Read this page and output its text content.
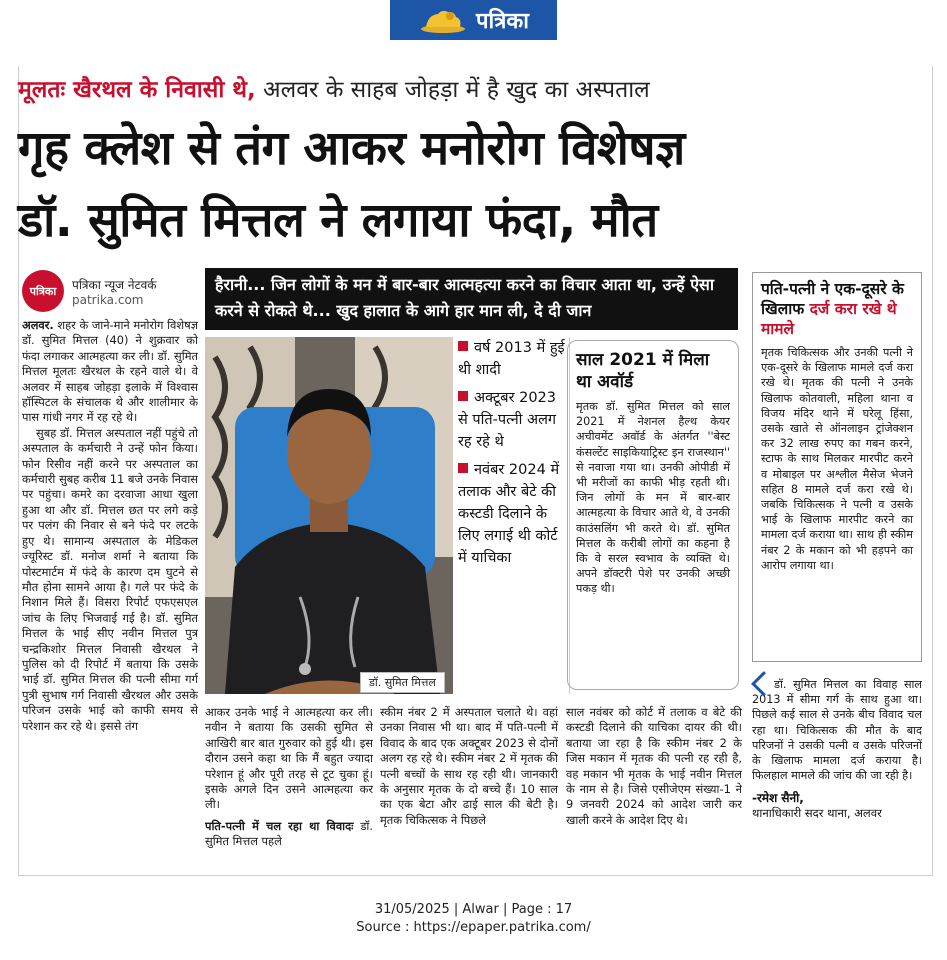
पत्रिका
मूलतः खैरथल के निवासी थे, अलवर के साहब जोहड़ा में है खुद का अस्पताल
गृह क्लेश से तंग आकर मनोरोग विशेषज्ञ
डॉ. सुमित मित्तल ने लगाया फंदा, मौत
पत्रिका	पत्रिका न्यूज नेटवर्क
patrika.com

अलवर. शहर के जाने-माने मनोरोग विशेषज्ञ डॉ. सुमित मित्तल (40) ने शुक्रवार को फंदा लगाकर आत्महत्या कर ली। डॉ. सुमित मित्तल मूलतः खैरथल के रहने वाले थे। वे अलवर में साहब जोहड़ा इलाके में विश्वास हॉस्पिटल के संचालक थे और शालीमार के पास गांधी नगर में रह रहे थे।

सुबह डॉ. मित्तल अस्पताल नहीं पहुंचे तो अस्पताल के कर्मचारी ने उन्हें फोन किया। फोन रिसीव नहीं करने पर अस्पताल का कर्मचारी सुबह करीब 11 बजे उनके निवास पर पहुंचा। कमरे का दरवाजा आधा खुला हुआ था और डॉ. मित्तल छत पर लगे कड़े पर पलंग की निवार से बने फंदे पर लटके हुए थे। सामान्य अस्पताल के मेडिकल ज्यूरिस्ट डॉ. मनोज शर्मा ने बताया कि पोस्टमार्टम में फंदे के कारण दम घुटने से मौत होना सामने आया है। गले पर फंदे के निशान मिले हैं। विसरा रिपोर्ट एफएसएल जांच के लिए भिजवाई गई है। डॉ. सुमित मित्तल के भाई सीए नवीन मित्तल पुत्र चन्द्रकिशोर मित्तल निवासी खैरथल ने पुलिस को दी रिपोर्ट में बताया कि उसके भाई डॉ. सुमित मित्तल की पत्नी सीमा गर्ग पुत्री सुभाष गर्ग निवासी खैरथल और उसके परिजन उसके भाई को काफी समय से परेशान कर रहे थे। इससे तंग

हैरानी... जिन लोगों के मन में बार-बार आत्महत्या करने का विचार आता था, उन्हें ऐसा करने से रोकते थे... खुद हालात के आगे हार मान ली, दे दी जान
डॉ. सुमित मित्तल
वर्ष 2013 में हुई थी शादी
अक्टूबर 2023 से पति-पत्नी अलग रह रहे थे
नवंबर 2024 में तलाक और बेटे की कस्टडी दिलाने के लिए लगाई थी कोर्ट में याचिका
साल 2021 में मिला था अवॉर्ड
मृतक डॉ. सुमित मित्तल को साल 2021 में नेशनल हैल्थ केयर अचीवमेंट अवॉर्ड के अंतर्गत ''बेस्ट कंसल्टेंट साइकियाट्रिस्ट इन राजस्थान'' से नवाजा गया था। उनकी ओपीडी में भी मरीजों का काफी भीड़ रहती थी। जिन लोगों के मन में बार-बार आत्महत्या के विचार आते थे, वे उनकी काउंसलिंग भी करते थे। डॉ. सुमित मित्तल के करीबी लोगों का कहना है कि वे सरल स्वभाव के व्यक्ति थे। अपने डॉक्टरी पेशे पर उनकी अच्छी पकड़ थी।
आकर उनके भाई ने आत्महत्या कर ली। नवीन ने बताया कि उसकी सुमित से आखिरी बार बात गुरुवार को हुई थी। इस दौरान उसने कहा था कि मैं बहुत ज्यादा परेशान हूं और पूरी तरह से टूट चुका हूं। इसके अगले दिन उसने आत्महत्या कर ली।
पति-पत्नी में चल रहा था विवादः डॉ. सुमित मित्तल पहले
स्कीम नंबर 2 में अस्पताल चलाते थे। वहां उनका निवास भी था। बाद में पति-पत्नी में विवाद के बाद एक अक्टूबर 2023 से दोनों अलग रह रहे थे। स्कीम नंबर 2 में मृतक की पत्नी बच्चों के साथ रह रही थी। जानकारी के अनुसार मृतक के दो बच्चे हैं। 10 साल का एक बेटा और ढाई साल की बेटी है। मृतक चिकित्सक ने पिछले
साल नवंबर को कोर्ट में तलाक व बेटे की कस्टडी दिलाने की याचिका दायर की थी। बताया जा रहा है कि स्कीम नंबर 2 के जिस मकान में मृतक की पत्नी रह रही है, वह मकान भी मृतक के भाई नवीन मित्तल के नाम से है। जिसे एसीजेएम संख्या-1 ने 9 जनवरी 2024 को आदेश जारी कर खाली करने के आदेश दिए थे।
पति-पत्नी ने एक-दूसरे के खिलाफ दर्ज करा रखे थे मामले
मृतक चिकित्सक और उनकी पत्नी ने एक-दूसरे के खिलाफ मामले दर्ज करा रखे थे। मृतक की पत्नी ने उनके खिलाफ कोतवाली, महिला थाना व विजय मंदिर थाने में घरेलू हिंसा, उसके खाते से ऑनलाइन ट्रांजेक्शन कर 32 लाख रुपए का गबन करने, स्टाफ के साथ मिलकर मारपीट करने व मोबाइल पर अश्लील मैसेज भेजने सहित 8 मामले दर्ज करा रखे थे। जबकि चिकित्सक ने पत्नी व उसके भाई के खिलाफ मारपीट करने का मामला दर्ज कराया था। साथ ही स्कीम नंबर 2 के मकान को भी हड़पने का आरोप लगाया था।
डॉ. सुमित मित्तल का विवाह साल 2013 में सीमा गर्ग के साथ हुआ था। पिछले कई साल से उनके बीच विवाद चल रहा था। चिकित्सक की मौत के बाद परिजनों ने उसकी पत्नी व उसके परिजनों के खिलाफ मामला दर्ज कराया है। फिलहाल मामले की जांच की जा रही है।
-रमेश सैनी,
थानाधिकारी सदर थाना, अलवर
31/05/2025 | Alwar | Page : 17
Source : https://epaper.patrika.com/
